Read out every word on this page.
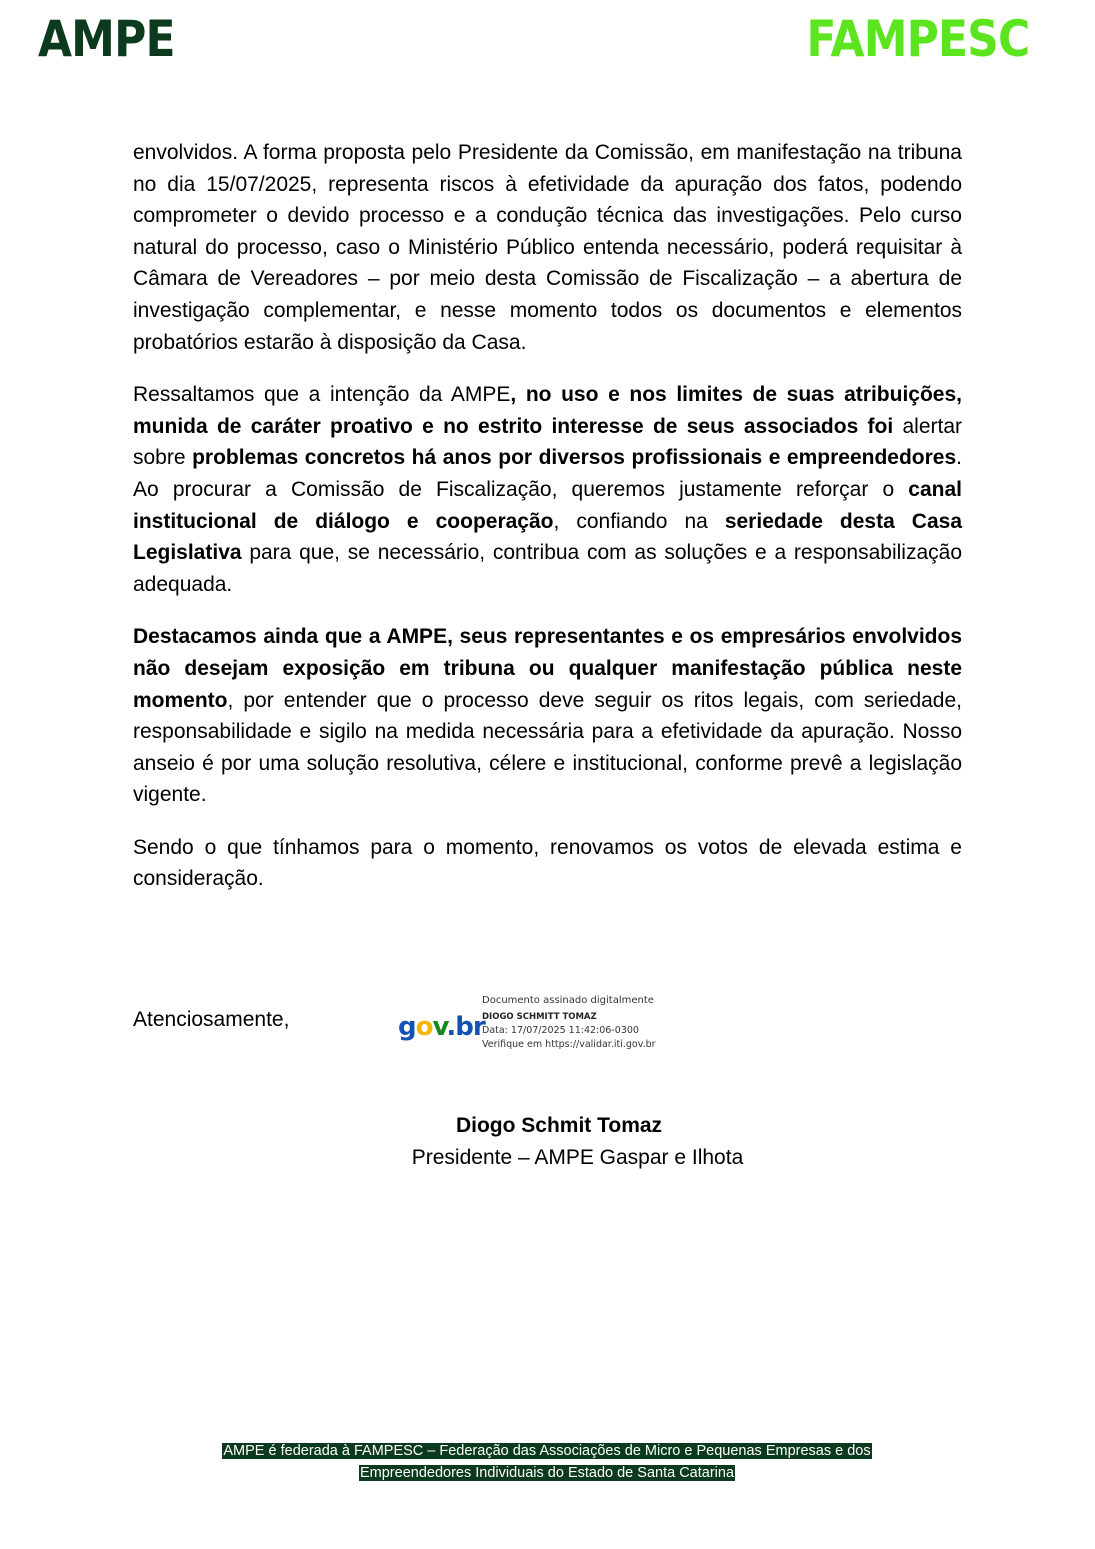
AMPE	FAMPESC

envolvidos. A forma proposta pelo Presidente da Comissão, em manifestação na tribuna no dia 15/07/2025, representa riscos à efetividade da apuração dos fatos, podendo comprometer o devido processo e a condução técnica das investigações. Pelo curso natural do processo, caso o Ministério Público entenda necessário, poderá requisitar à Câmara de Vereadores – por meio desta Comissão de Fiscalização – a abertura de investigação complementar, e nesse momento todos os documentos e elementos probatórios estarão à disposição da Casa.

Ressaltamos que a intenção da AMPE, no uso e nos limites de suas atribuições, munida de caráter proativo e no estrito interesse de seus associados foi alertar sobre problemas concretos há anos por diversos profissionais e empreendedores. Ao procurar a Comissão de Fiscalização, queremos justamente reforçar o canal institucional de diálogo e cooperação, confiando na seriedade desta Casa Legislativa para que, se necessário, contribua com as soluções e a responsabilização adequada.

Destacamos ainda que a AMPE, seus representantes e os empresários envolvidos não desejam exposição em tribuna ou qualquer manifestação pública neste momento, por entender que o processo deve seguir os ritos legais, com seriedade, responsabilidade e sigilo na medida necessária para a efetividade da apuração. Nosso anseio é por uma solução resolutiva, célere e institucional, conforme prevê a legislação vigente.

Sendo o que tínhamos para o momento, renovamos os votos de elevada estima e consideração.

Atenciosamente,	gov.br
Documento assinado digitalmente
DIOGO SCHMITT TOMAZ
Data: 17/07/2025 11:42:06-0300
Verifique em https://validar.iti.gov.br
Diogo Schmit Tomaz
Presidente – AMPE Gaspar e Ilhota
AMPE é federada à FAMPESC – Federação das Associações de Micro e Pequenas Empresas e dos
Empreendedores Individuais do Estado de Santa Catarina
